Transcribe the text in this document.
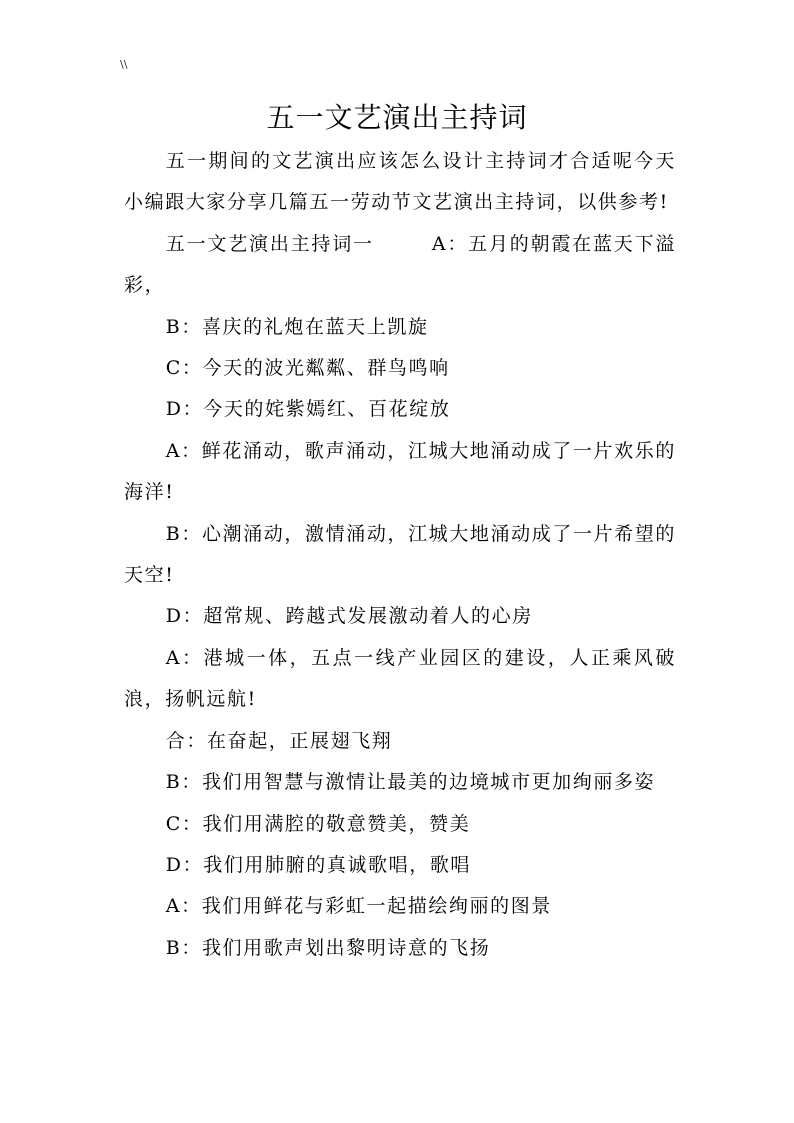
\\
五一文艺演出主持词

五一期间的文艺演出应该怎么设计主持词才合适呢今天小编跟大家分享几篇五一劳动节文艺演出主持词，以供参考!

五一文艺演出主持词一	A：五月的朝霞在蓝天下溢彩，

B：喜庆的礼炮在蓝天上凯旋

C：今天的波光粼粼、群鸟鸣响

D：今天的姹紫嫣红、百花绽放

A：鲜花涌动，歌声涌动，江城大地涌动成了一片欢乐的海洋!

B：心潮涌动，激情涌动，江城大地涌动成了一片希望的天空!

D：超常规、跨越式发展激动着人的心房

A：港城一体，五点一线产业园区的建设，人正乘风破浪，扬帆远航!

合：在奋起，正展翅飞翔

B：我们用智慧与激情让最美的边境城市更加绚丽多姿

C：我们用满腔的敬意赞美，赞美

D：我们用肺腑的真诚歌唱，歌唱

A：我们用鲜花与彩虹一起描绘绚丽的图景

B：我们用歌声划出黎明诗意的飞扬
